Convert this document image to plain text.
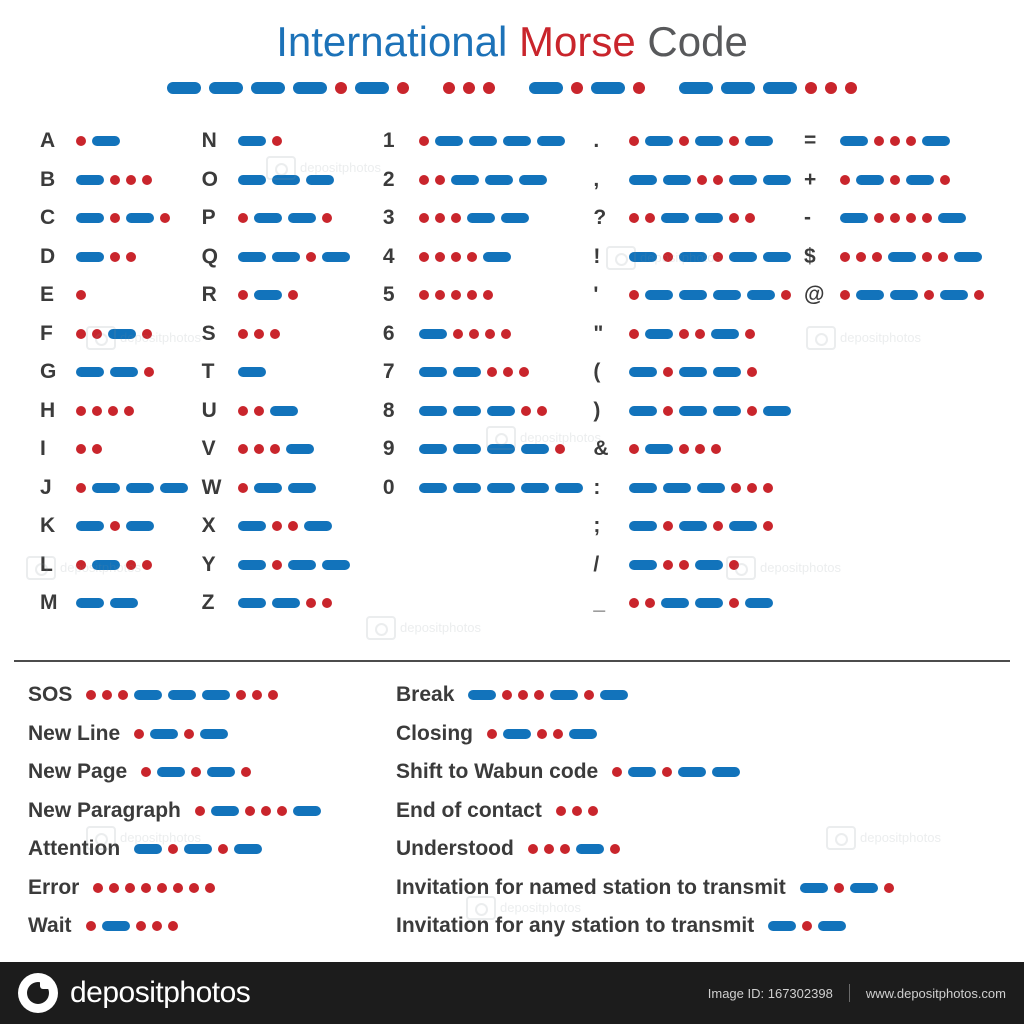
International Morse Code
A
B
C
D
E
F
G
H
I
J
K
L
M
N
O
P
Q
R
S
T
U
V
W
X
Y
Z
1
2
3
4
5
6
7
8
9
0
.
,
?
!
'
"
(
)
&
:
;
/
_
=
+
-
$
@
SOS
New Line
New Page
New Paragraph
Attention
Error
Wait
Break
Closing
Shift to Wabun code
End of contact
Understood
Invitation for named station to transmit
Invitation for any station to transmit
depositphotos
depositphotos
depositphotos
depositphotos
depositphotos
depositphotos
depositphotos
depositphotos
depositphotos
depositphotos	Image ID: 167302398	www.depositphotos.com
